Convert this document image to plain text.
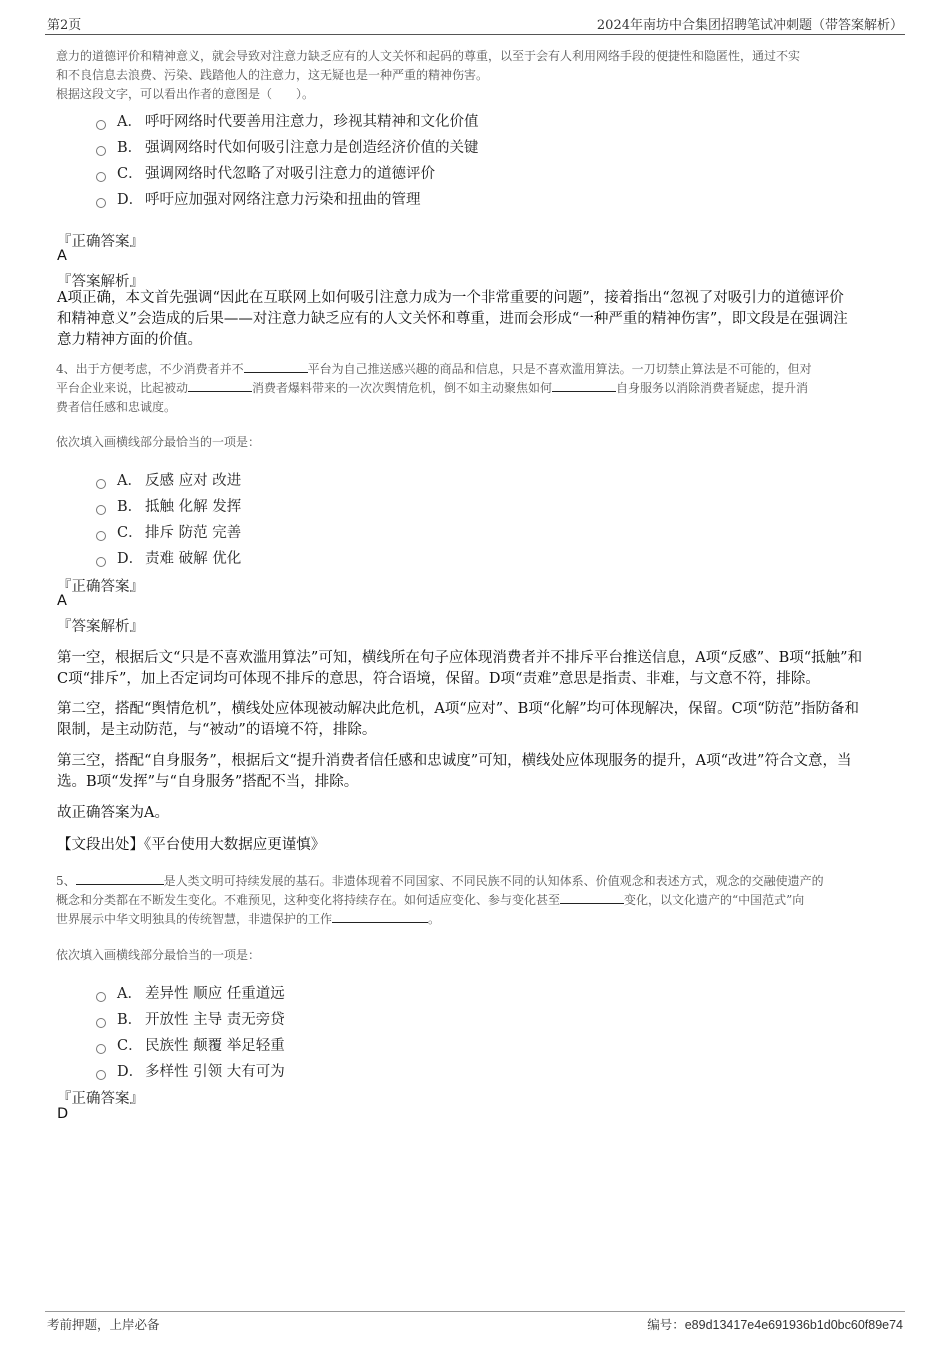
第2页	2024年南坊中合集团招聘笔试冲刺题（带答案解析）
意力的道德评价和精神意义，就会导致对注意力缺乏应有的人文关怀和起码的尊重，以至于会有人利用网络手段的便捷性和隐匿性，通过不实
和不良信息去浪费、污染、践踏他人的注意力，这无疑也是一种严重的精神伤害。
根据这段文字，可以看出作者的意图是（　　）。
A． 呼吁网络时代要善用注意力，珍视其精神和文化价值
B． 强调网络时代如何吸引注意力是创造经济价值的关键
C． 强调网络时代忽略了对吸引注意力的道德评价
D． 呼吁应加强对网络注意力污染和扭曲的管理
『正确答案』
A
『答案解析』
A项正确，本文首先强调“因此在互联网上如何吸引注意力成为一个非常重要的问题”，接着指出“忽视了对吸引力的道德评价
和精神意义”会造成的后果——对注意力缺乏应有的人文关怀和尊重，进而会形成“一种严重的精神伤害”，即文段是在强调注
意力精神方面的价值。
4、出于方便考虑，不少消费者并不	平台为自己推送感兴趣的商品和信息，只是不喜欢滥用算法。一刀切禁止算法是不可能的，但对
平台企业来说，比起被动	消费者爆料带来的一次次舆情危机，倒不如主动聚焦如何	自身服务以消除消费者疑虑，提升消
费者信任感和忠诚度。
依次填入画横线部分最恰当的一项是：
A． 反感 应对 改进
B． 抵触 化解 发挥
C． 排斥 防范 完善
D． 责难 破解 优化
『正确答案』
A
『答案解析』
第一空，根据后文“只是不喜欢滥用算法”可知，横线所在句子应体现消费者并不排斥平台推送信息，A项“反感”、B项“抵触”和
C项“排斥”，加上否定词均可体现不排斥的意思，符合语境，保留。D项“责难”意思是指责、非难，与文意不符，排除。
第二空，搭配“舆情危机”，横线处应体现被动解决此危机，A项“应对”、B项“化解”均可体现解决，保留。C项“防范”指防备和
限制，是主动防范，与“被动”的语境不符，排除。
第三空，搭配“自身服务”，根据后文“提升消费者信任感和忠诚度”可知，横线处应体现服务的提升，A项“改进”符合文意，当
选。B项“发挥”与“自身服务”搭配不当，排除。
故正确答案为A。
【文段出处】《平台使用大数据应更谨慎》
5、	是人类文明可持续发展的基石。非遗体现着不同国家、不同民族不同的认知体系、价值观念和表述方式，观念的交融使遗产的
概念和分类都在不断发生变化。不难预见，这种变化将持续存在。如何适应变化、参与变化甚至	变化，以文化遗产的“中国范式”向
世界展示中华文明独具的传统智慧，非遗保护的工作	。
依次填入画横线部分最恰当的一项是：
A． 差异性 顺应 任重道远
B． 开放性 主导 责无旁贷
C． 民族性 颠覆 举足轻重
D． 多样性 引领 大有可为
『正确答案』
D
考前押题，上岸必备	编号：e89d13417e4e691936b1d0bc60f89e74
